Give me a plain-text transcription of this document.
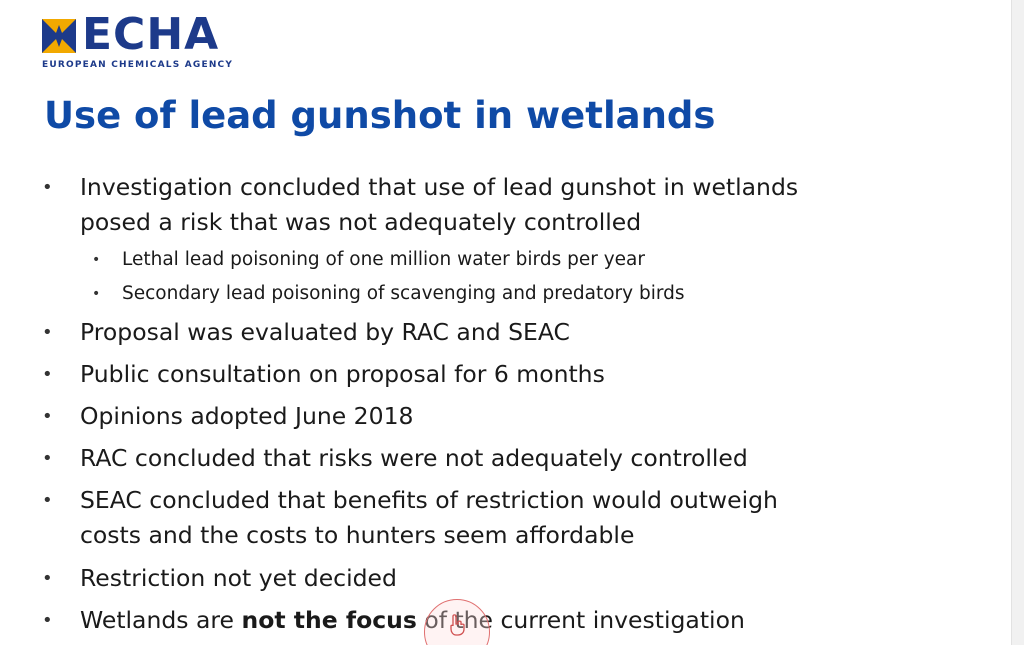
ECHA
EUROPEAN CHEMICALS AGENCY
Use of lead gunshot in wetlands
• Investigation concluded that use of lead gunshot in wetlands
posed a risk that was not adequately controlled
• Lethal lead poisoning of one million water birds per year
• Secondary lead poisoning of scavenging and predatory birds
• Proposal was evaluated by RAC and SEAC
• Public consultation on proposal for 6 months
• Opinions adopted June 2018
• RAC concluded that risks were not adequately controlled
• SEAC concluded that benefits of restriction would outweigh
costs and the costs to hunters seem affordable
• Restriction not yet decided
• Wetlands are not the focus of the current investigation
